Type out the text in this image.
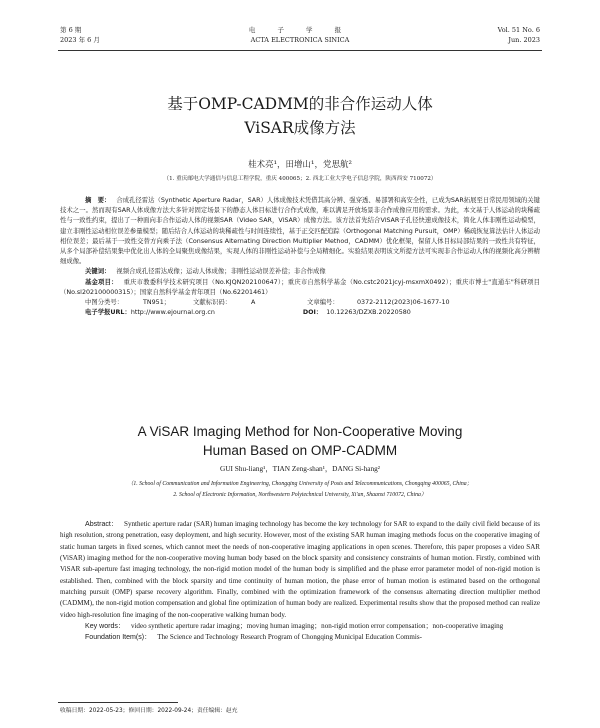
第 6 期
2023 年 6 月
电 子 学 报
ACTA ELECTRONICA SINICA
Vol. 51 No. 6
Jun. 2023
基于OMP-CADMM的非合作运动人体
ViSAR成像方法
桂术亮¹，田增山¹，党思航²
（1. 重庆邮电大学通信与信息工程学院，重庆 400065；2. 西北工业大学电子信息学院，陕西西安 710072）

摘　要： 合成孔径雷达（Synthetic Aperture Radar，SAR）人体成像技术凭借其高分辨、强穿透、易部署和高安全性，已成为SAR拓展至日常民用领域的关键技术之一。然而现有SAR人体成像方法大多针对固定场景下的静态人体目标进行合作式成像，难以满足开放场景非合作成像应用的需求。为此，本文基于人体运动的块稀疏性与一致性约束，提出了一种面向非合作运动人体的视频SAR（Video SAR，ViSAR）成像方法。该方法首先结合ViSAR子孔径快速成像技术，简化人体非刚性运动模型，建立非刚性运动相位误差参量模型；随后结合人体运动的块稀疏性与时间连续性，基于正交匹配追踪（Orthogonal Matching Pursuit，OMP）稀疏恢复算法估计人体运动相位误差；最后基于一致性交替方向乘子法（Consensus Alternating Direction Multiplier Method，CADMM）优化框架，保留人体目标局部结果的一致性共有特征，从多个局部补偿结果集中优化出人体的全局聚焦成像结果，实现人体的非刚性运动补偿与全局精细化。实验结果表明该文所提方法可实现非合作运动人体的视频化高分辨精细成像。

关键词： 视频合成孔径雷达成像；运动人体成像；非刚性运动误差补偿；非合作成像

基金项目： 重庆市教委科学技术研究项目（No.KJQN202100647）；重庆市自然科学基金（No.cstc2021jcyj-msxmX0492）；重庆市博士"直通车"科研项目（No.sl202100000315）；国家自然科学基金青年项目（No.62201461）

中图分类号：	TN951；	文献标识码：	A	文章编号：	0372-2112(2023)06-1677-10
电子学报URL：http://www.ejournal.org.cn	DOI： 10.12263/DZXB.20220580
A ViSAR Imaging Method for Non-Cooperative Moving
Human Based on OMP-CADMM
GUI Shu-liang¹，TIAN Zeng-shan¹，DANG Si-hang²
（1. School of Communication and Information Engineering, Chongqing University of Posts and Telecommunications, Chongqing 400065, China；
2. School of Electronic Information, Northwestern Polytechnical University, Xi'an, Shaanxi 710072, China）

Abstract： Synthetic aperture radar (SAR) human imaging technology has become the key technology for SAR to expand to the daily civil field because of its high resolution, strong penetration, easy deployment, and high security. However, most of the existing SAR human imaging methods focus on the cooperative imaging of static human targets in fixed scenes, which cannot meet the needs of non-cooperative imaging applications in open scenes. Therefore, this paper proposes a video SAR (ViSAR) imaging method for the non-cooperative moving human body based on the block sparsity and consistency constraints of human motion. Firstly, combined with ViSAR sub-aperture fast imaging technology, the non-rigid motion model of the human body is simplified and the phase error parameter model of non-rigid motion is established. Then, combined with the block sparsity and time continuity of human motion, the phase error of human motion is estimated based on the orthogonal matching pursuit (OMP) sparse recovery algorithm. Finally, combined with the optimization framework of the consensus alternating direction multiplier method (CADMM), the non-rigid motion compensation and global fine optimization of human body are realized. Experimental results show that the proposed method can realize video high-resolution fine imaging of the non-cooperative walking human body.

Key words： video synthetic aperture radar imaging；moving human imaging；non-rigid motion error compensation；non-cooperative imaging

Foundation Item(s)： The Science and Technology Research Program of Chongqing Municipal Education Commis-

收稿日期：2022-05-23；修回日期：2022-09-24；责任编辑：赵充
